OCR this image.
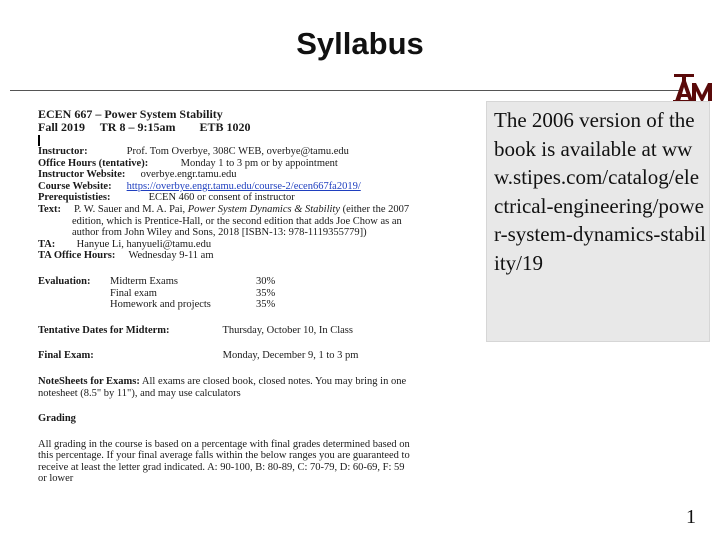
Syllabus
ECEN 667 – Power System Stability
Fall 2019     TR 8 – 9:15am        ETB 1020
Instructor:	Prof. Tom Overbye, 308C WEB, overbye@tamu.edu
Office Hours (tentative):	Monday 1 to 3 pm or by appointment
Instructor Website: overbye.engr.tamu.edu
Course Website: https://overbye.engr.tamu.edu/course-2/ecen667fa2019/
Prerequististies:	ECEN 460 or consent of instructor
Text: P. W. Sauer and M. A. Pai, Power System Dynamics & Stability (either the 2007
edition, which is Prentice-Hall, or the second edition that adds Joe Chow as an
author from John Wiley and Sons, 2018 [ISBN-13: 978-1119355779])
TA: Hanyue Li, hanyueli@tamu.edu
TA Office Hours: Wednesday 9-11 am
Evaluation: Midterm Exams	30%
Final exam	35%
Homework and projects	35%
Tentative Dates for Midterm:	Thursday, October 10, In Class
Final Exam:	Monday, December 9, 1 to 3 pm
NoteSheets for Exams: All exams are closed book, closed notes. You may bring in one
notesheet (8.5" by 11"), and may use calculators
Grading
All grading in the course is based on a percentage with final grades determined based on
this percentage. If your final average falls within the below ranges you are guaranteed to
receive at least the letter grad indicated. A: 90-100, B: 80-89, C: 70-79, D: 60-69, F: 59
or lower
The 2006 version of the book is available at www.stipes.com/catalog/electrical-engineering/power-system-dynamics-stability/19
1
